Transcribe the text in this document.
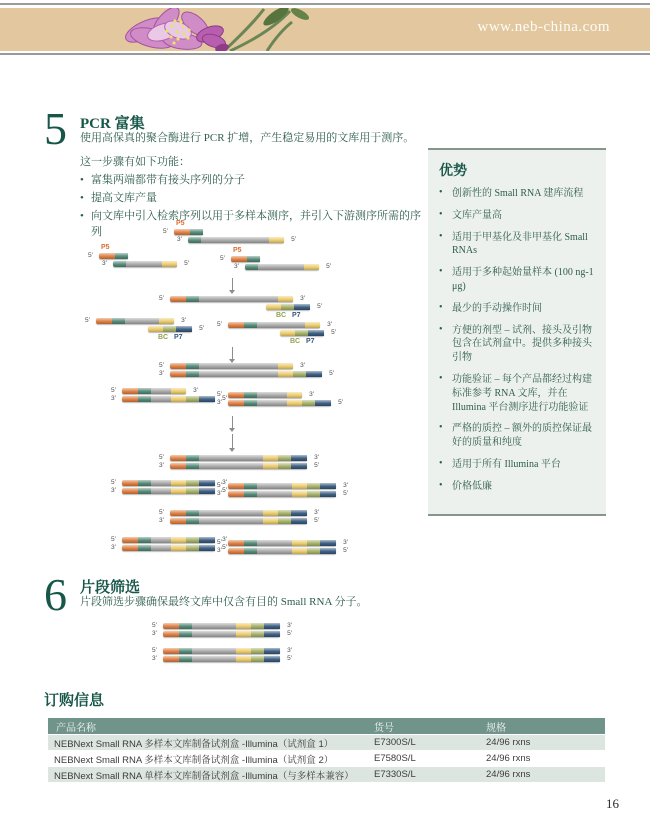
www.neb-china.com
5 PCR 富集
使用高保真的聚合酶进行 PCR 扩增，产生稳定易用的文库用于测序。
这一步骤有如下功能：
• 富集两端都带有接头序列的分子
• 提高文库产量
• 向文库中引入检索序列以用于多样本测序，并引入下游测序所需的序列
优势
• 创新性的 Small RNA 建库流程
• 文库产量高
• 适用于甲基化及非甲基化 Small RNAs
• 适用于多种起始量样本 (100 ng-1 μg)
• 最少的手动操作时间
• 方便的剂型 – 试剂、接头及引物包含在试剂盒中。提供多种接头引物
• 功能验证 – 每个产品都经过构建标准参考 RNA 文库，并在 Illumina 平台测序进行功能验证
• 严格的质控 – 额外的质控保证最好的质量和纯度
• 适用于所有 Illumina 平台
• 价格低廉
5′
P5
3′	5′
5′
P5
3′	5′
5′
P5
3′	5′
5′	3′
5′
BC P7
5′	3′
5′
BC P7
5′	3′
5′
BC P7
5′	3′
3′	5′
5′	3′
3′	5′
5′	3′
3′	5′
5′	3′
3′	5′
5′	3′
3′	5′
5′	3′
3′	5′
5′	3′
3′	5′
5′	3′
3′	5′
5′	3′
3′	5′
6 片段筛选
片段筛选步骤确保最终文库中仅含有目的 Small RNA 分子。
5′	3′
3′	5′
5′	3′
3′	5′
订购信息
产品名称	货号	规格
NEBNext Small RNA 多样本文库制备试剂盒 -Illumina（试剂盒 1）	E7300S/L	24/96 rxns
NEBNext Small RNA 多样本文库制备试剂盒 -Illumina（试剂盒 2）	E7580S/L	24/96 rxns
NEBNext Small RNA 单样本文库制备试剂盒 -Illumina（与多样本兼容）	E7330S/L	24/96 rxns
16
